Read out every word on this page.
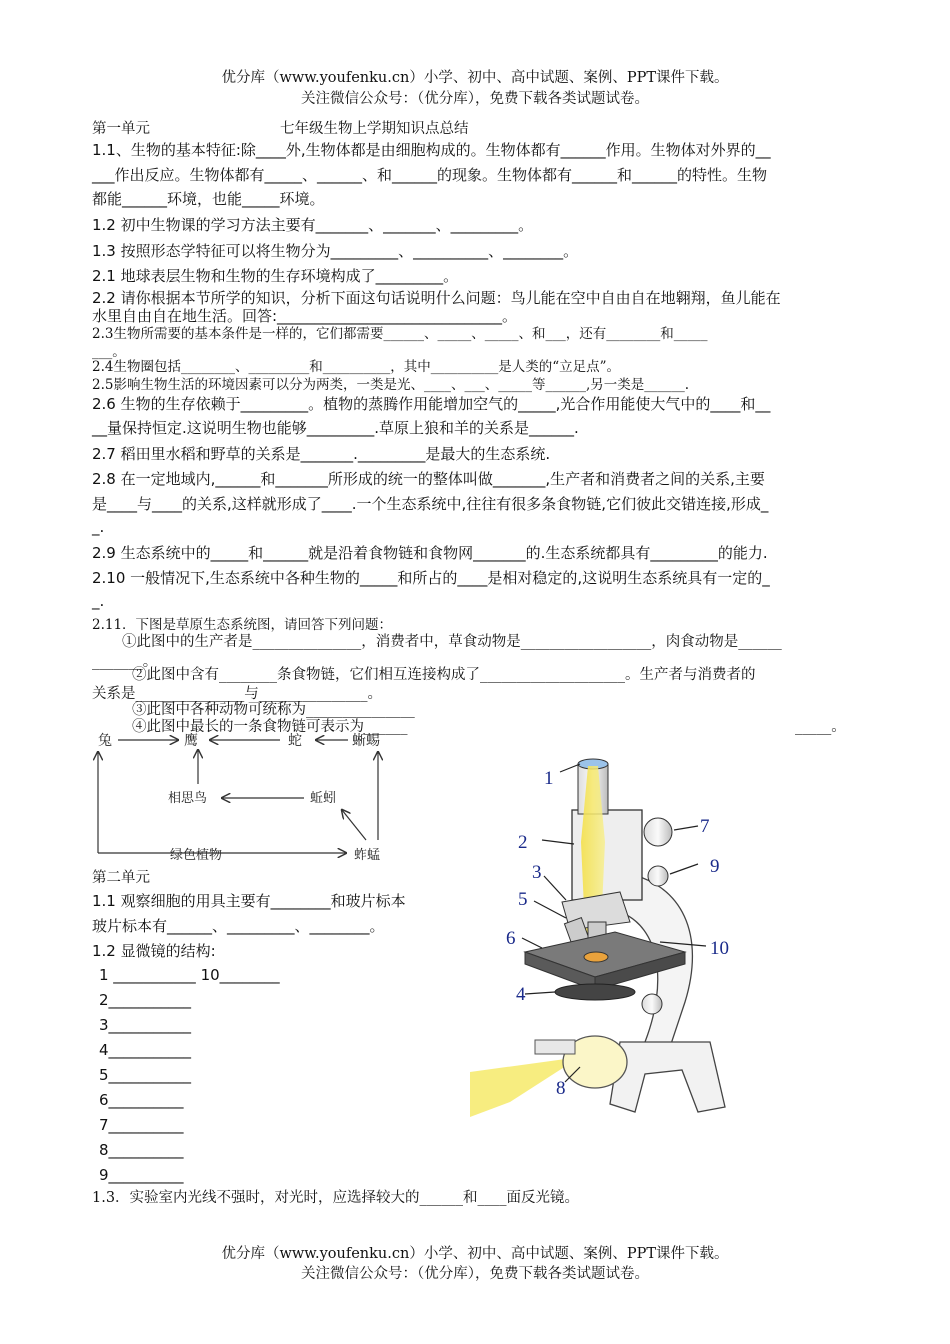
优分库（www.youfenku.cn）小学、初中、高中试题、案例、PPT课件下载。
关注微信公众号：（优分库），免费下载各类试题试卷。
第一单元	七年级生物上学期知识点总结
1.1、生物的基本特征:除____外,生物体都是由细胞构成的。生物体都有______作用。生物体对外界的__
___作出反应。生物体都有_____、______、和______的现象。生物体都有______和______的特性。生物
都能______环境，也能_____环境。
1.2 初中生物课的学习方法主要有_______、_______、_________。
1.3 按照形态学特征可以将生物分为_________、__________、________。
2.1 地球表层生物和生物的生存环境构成了_________。
2.2 请你根据本节所学的知识，分析下面这句话说明什么问题：鸟儿能在空中自由自在地翱翔，鱼儿能在
水里自由自在地生活。回答:______________________________。
2.3生物所需要的基本条件是一样的，它们都需要______、_____、_____、和___，还有________和_____
___。
2.4生物圈包括________、_________和__________，其中__________是人类的“立足点”。
2.5影响生物生活的环境因素可以分为两类，一类是光、____、___、_____等______,另一类是______.
2.6 生物的生存依赖于_________。植物的蒸腾作用能增加空气的_____,光合作用能使大气中的____和__
__量保持恒定.这说明生物也能够_________.草原上狼和羊的关系是______.
2.7 稻田里水稻和野草的关系是_______._________是最大的生态系统.
2.8 在一定地域内,______和_______所形成的统一的整体叫做_______,生产者和消费者之间的关系,主要
是____与____的关系,这样就形成了____.一个生态系统中,往往有很多条食物链,它们彼此交错连接,形成_
_.
2.9 生态系统中的_____和______就是沿着食物链和食物网_______的.生态系统都具有_________的能力.
2.10 一般情况下,生态系统中各种生物的_____和所占的____是相对稳定的,这说明生态系统具有一定的_
_.
2.11．下图是草原生态系统图，请回答下列问题：
①此图中的生产者是_______________，消费者中，草食动物是__________________，肉食动物是______
_______。
②此图中含有________条食物链，它们相互连接构成了____________________。生产者与消费者的
关系是_______________与_______________。
③此图中各种动物可统称为_______________
④此图中最长的一条食物链可表示为______	_____。
兔	鹰	蛇	蜥蜴
相思鸟	蚯蚓
绿色植物	蚱蜢
第二单元
1.1 观察细胞的用具主要有________和玻片标本
玻片标本有______、_________、________。
1.2 显微镜的结构:
1 ___________ 10________
2___________
3___________
4___________
5___________
6__________
7__________
8__________
9__________
1.3．实验室内光线不强时，对光时，应选择较大的______和____面反光镜。
1
2
3
5
6
4
8
7
9
10
优分库（www.youfenku.cn）小学、初中、高中试题、案例、PPT课件下载。
关注微信公众号：（优分库），免费下载各类试题试卷。
